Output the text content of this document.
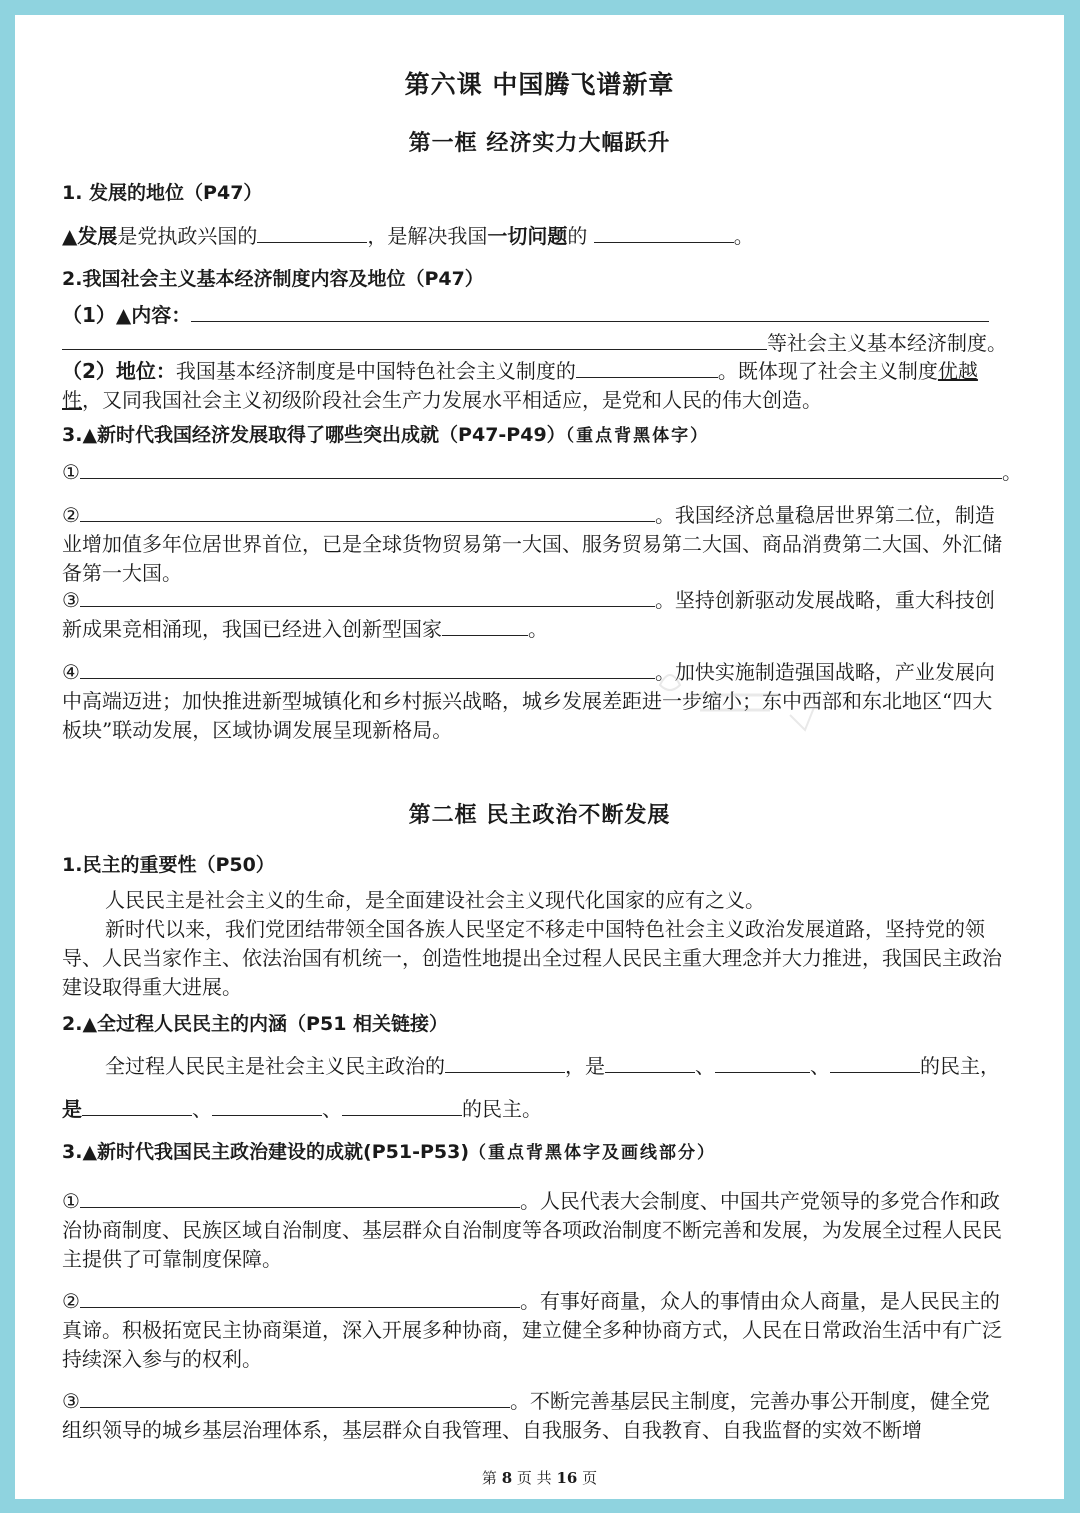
第六课 中国腾飞谱新章
第一框 经济实力大幅跃升
1. 发展的地位（P47）
▲发展是党执政兴国的	，是解决我国一切问题的	。
2.我国社会主义基本经济制度内容及地位（P47）
（1）▲内容：
等社会主义基本经济制度。
（2）地位：我国基本经济制度是中国特色社会主义制度的	。既体现了社会主义制度优越性，又同我国社会主义初级阶段社会生产力发展水平相适应，是党和人民的伟大创造。
3.▲新时代我国经济发展取得了哪些突出成就（P47-P49）（重点背黑体字）
①	。
②	。我国经济总量稳居世界第二位，制造业增加值多年位居世界首位，已是全球货物贸易第一大国、服务贸易第二大国、商品消费第二大国、外汇储备第一大国。
③	。坚持创新驱动发展战略，重大科技创新成果竞相涌现，我国已经进入创新型国家	。
④	。加快实施制造强国战略，产业发展向中高端迈进；加快推进新型城镇化和乡村振兴战略，城乡发展差距进一步缩小；东中西部和东北地区“四大板块”联动发展，区域协调发展呈现新格局。
第二框 民主政治不断发展
1.民主的重要性（P50）
人民民主是社会主义的生命，是全面建设社会主义现代化国家的应有之义。
新时代以来，我们党团结带领全国各族人民坚定不移走中国特色社会主义政治发展道路，坚持党的领导、人民当家作主、依法治国有机统一，创造性地提出全过程人民民主重大理念并大力推进，我国民主政治建设取得重大进展。
2.▲全过程人民民主的内涵（P51 相关链接）
全过程人民民主是社会主义民主政治的	，是	、	、	的民主，
是	、	、	的民主。
3.▲新时代我国民主政治建设的成就(P51-P53)（重点背黑体字及画线部分）
①	。人民代表大会制度、中国共产党领导的多党合作和政治协商制度、民族区域自治制度、基层群众自治制度等各项政治制度不断完善和发展，为发展全过程人民民主提供了可靠制度保障。
②	。有事好商量，众人的事情由众人商量，是人民民主的真谛。积极拓宽民主协商渠道，深入开展多种协商，建立健全多种协商方式，人民在日常政治生活中有广泛持续深入参与的权利。
③	。不断完善基层民主制度，完善办事公开制度，健全党组织领导的城乡基层治理体系，基层群众自我管理、自我服务、自我教育、自我监督的实效不断增
第 8 页 共 16 页
